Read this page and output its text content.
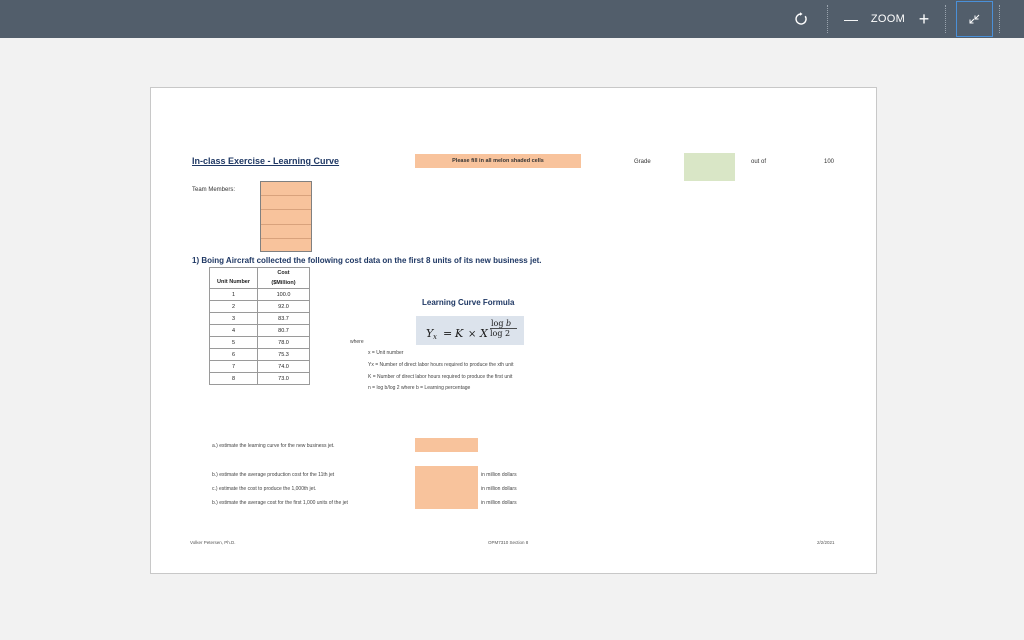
— ZOOM +
In-class Exercise - Learning Curve	Please fill in all melon shaded cells	Grade	out of	100
Team Members:
1) Boing Aircraft collected the following cost data on the first 8 units of its new business jet.
Unit Number	Cost
	($Million)
1	100.0
2	92.0
3	83.7
4	80.7
5	78.0
6	75.3
7	74.0
8	73.0
Learning Curve Formula
Y x = K × X
log b
log 2
where
x = Unit number
Yx = Number of direct labor hours required to produce the xth unit
K = Number of direct labor hours required to produce the first unit
n = log b/log 2 where b = Learning percentage
a.) estimate the learning curve for the new business jet.
b.) estimate the average production cost for the 11th jet
c.) estimate the cost to produce the 1,000th jet.
b.) estimate the average cost for the first 1,000 units of the jet
in million dollars
in million dollars
in million dollars
Volker Petersen, Ph.D.	OPM7310 Section 8	2/2/2021
